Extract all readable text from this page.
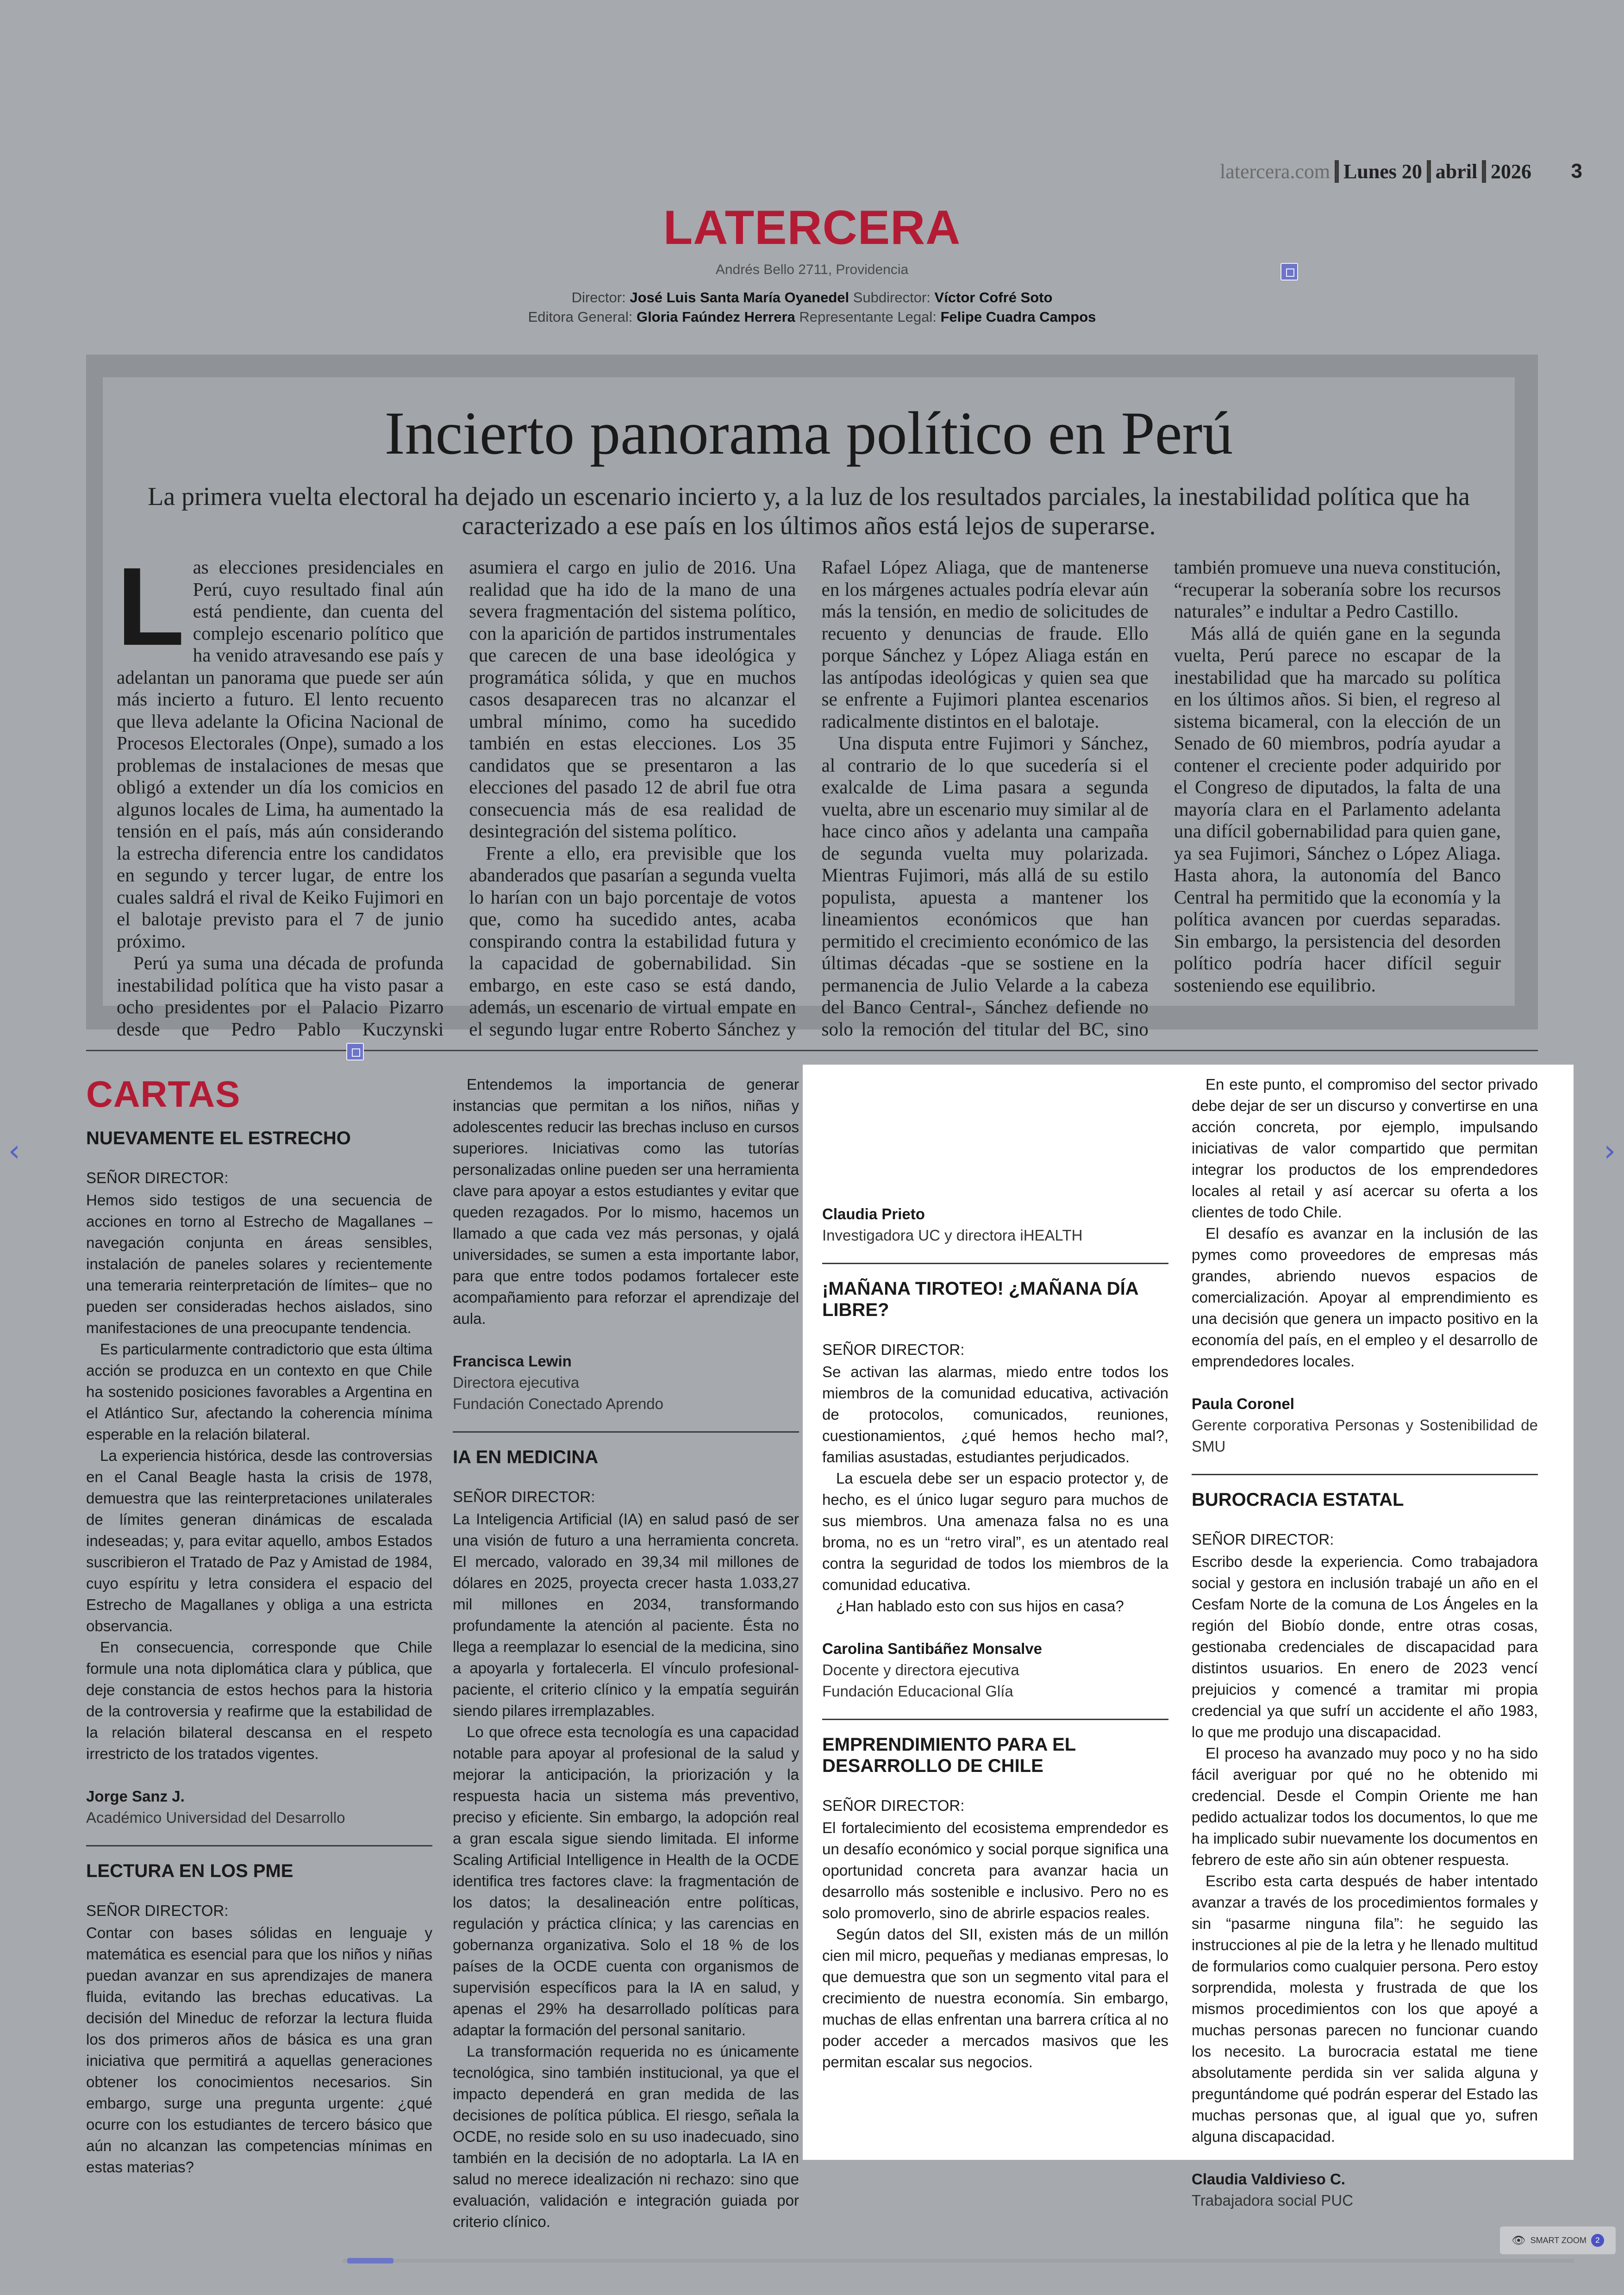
latercera.com | Lunes 20 | abril | 2026 3
LATERCERA
Andrés Bello 2711, Providencia
Director: José Luis Santa María Oyanedel Subdirector: Víctor Cofré Soto
Editora General: Gloria Faúndez Herrera Representante Legal: Felipe Cuadra Campos
Incierto panorama político en Perú
La primera vuelta electoral ha dejado un escenario incierto y, a la luz de los resultados parciales, la inestabilidad política que ha caracterizado a ese país en los últimos años está lejos de superarse.

Las elecciones presidenciales en Perú, cuyo resultado final aún está pendiente, dan cuenta del complejo escenario político que ha venido atravesando ese país y adelantan un panorama que puede ser aún más incierto a futuro. El lento recuento que lleva adelante la Oficina Nacional de Procesos Electorales (Onpe), sumado a los problemas de instalaciones de mesas que obligó a extender un día los comicios en algunos locales de Lima, ha aumentado la tensión en el país, más aún considerando la estrecha diferencia entre los candidatos en segundo y tercer lugar, de entre los cuales saldrá el rival de Keiko Fujimori en el balotaje previsto para el 7 de junio próximo.

Perú ya suma una década de profunda inestabilidad política que ha visto pasar a ocho presidentes por el Palacio Pizarro desde que Pedro Pablo Kuczynski asumiera el cargo en julio de 2016. Una realidad que ha ido de la mano de una severa fragmentación del sistema político, con la aparición de partidos instrumentales que carecen de una base ideológica y programática sólida, y que en muchos casos desaparecen tras no alcanzar el umbral mínimo, como ha sucedido también en estas elecciones. Los 35 candidatos que se presentaron a las elecciones del pasado 12 de abril fue otra consecuencia más de esa realidad de desintegración del sistema político.

Frente a ello, era previsible que los abanderados que pasarían a segunda vuelta lo harían con un bajo porcentaje de votos que, como ha sucedido antes, acaba conspirando contra la estabilidad futura y la capacidad de gobernabilidad. Sin embargo, en este caso se está dando, además, un escenario de virtual empate en el segundo lugar entre Roberto Sánchez y Rafael López Aliaga, que de mantenerse en los márgenes actuales podría elevar aún más la tensión, en medio de solicitudes de recuento y denuncias de fraude. Ello porque Sánchez y López Aliaga están en las antípodas ideológicas y quien sea que se enfrente a Fujimori plantea escenarios radicalmente distintos en el balotaje.

Una disputa entre Fujimori y Sánchez, al contrario de lo que sucedería si el exalcalde de Lima pasara a segunda vuelta, abre un escenario muy similar al de hace cinco años y adelanta una campaña de segunda vuelta muy polarizada. Mientras Fujimori, más allá de su estilo populista, apuesta a mantener los lineamientos económicos que han permitido el crecimiento económico de las últimas décadas -que se sostiene en la permanencia de Julio Velarde a la cabeza del Banco Central-, Sánchez defiende no solo la remoción del titular del BC, sino también promueve una nueva constitución, “recuperar la soberanía sobre los recursos naturales” e indultar a Pedro Castillo.

Más allá de quién gane en la segunda vuelta, Perú parece no escapar de la inestabilidad que ha marcado su política en los últimos años. Si bien, el regreso al sistema bicameral, con la elección de un Senado de 60 miembros, podría ayudar a contener el creciente poder adquirido por el Congreso de diputados, la falta de una mayoría clara en el Parlamento adelanta una difícil gobernabilidad para quien gane, ya sea Fujimori, Sánchez o López Aliaga. Hasta ahora, la autonomía del Banco Central ha permitido que la economía y la política avancen por cuerdas separadas. Sin embargo, la persistencia del desorden político podría hacer difícil seguir sosteniendo ese equilibrio.

CARTAS
NUEVAMENTE EL ESTRECHO

SEÑOR DIRECTOR:

Hemos sido testigos de una secuencia de acciones en torno al Estrecho de Magallanes –navegación conjunta en áreas sensibles, instalación de paneles solares y recientemente una temeraria reinterpretación de límites– que no pueden ser consideradas hechos aislados, sino manifestaciones de una preocupante tendencia.

Es particularmente contradictorio que esta última acción se produzca en un contexto en que Chile ha sostenido posiciones favorables a Argentina en el Atlántico Sur, afectando la coherencia mínima esperable en la relación bilateral.

La experiencia histórica, desde las controversias en el Canal Beagle hasta la crisis de 1978, demuestra que las reinterpretaciones unilaterales de límites generan dinámicas de escalada indeseadas; y, para evitar aquello, ambos Estados suscribieron el Tratado de Paz y Amistad de 1984, cuyo espíritu y letra considera el espacio del Estrecho de Magallanes y obliga a una estricta observancia.

En consecuencia, corresponde que Chile formule una nota diplomática clara y pública, que deje constancia de estos hechos para la historia de la controversia y reafirme que la estabilidad de la relación bilateral descansa en el respeto irrestricto de los tratados vigentes.

Jorge Sanz J.

Académico Universidad del Desarrollo

LECTURA EN LOS PME

SEÑOR DIRECTOR:

Contar con bases sólidas en lenguaje y matemática es esencial para que los niños y niñas puedan avanzar en sus aprendizajes de manera fluida, evitando las brechas educativas. La decisión del Mineduc de reforzar la lectura fluida los dos primeros años de básica es una gran iniciativa que permitirá a aquellas generaciones obtener los conocimientos necesarios. Sin embargo, surge una pregunta urgente: ¿qué ocurre con los estudiantes de tercero básico que aún no alcanzan las competencias mínimas en estas materias?

Entendemos la importancia de generar instancias que permitan a los niños, niñas y adolescentes reducir las brechas incluso en cursos superiores. Iniciativas como las tutorías personalizadas online pueden ser una herramienta clave para apoyar a estos estudiantes y evitar que queden rezagados. Por lo mismo, hacemos un llamado a que cada vez más personas, y ojalá universidades, se sumen a esta importante labor, para que entre todos podamos fortalecer este acompañamiento para reforzar el aprendizaje del aula.

Francisca Lewin

Directora ejecutiva

Fundación Conectado Aprendo

IA EN MEDICINA

SEÑOR DIRECTOR:

La Inteligencia Artificial (IA) en salud pasó de ser una visión de futuro a una herramienta concreta. El mercado, valorado en 39,34 mil millones de dólares en 2025, proyecta crecer hasta 1.033,27 mil millones en 2034, transformando profundamente la atención al paciente. Ésta no llega a reemplazar lo esencial de la medicina, sino a apoyarla y fortalecerla. El vínculo profesional-paciente, el criterio clínico y la empatía seguirán siendo pilares irremplazables.

Lo que ofrece esta tecnología es una capacidad notable para apoyar al profesional de la salud y mejorar la anticipación, la priorización y la respuesta hacia un sistema más preventivo, preciso y eficiente. Sin embargo, la adopción real a gran escala sigue siendo limitada. El informe Scaling Artificial Intelligence in Health de la OCDE identifica tres factores clave: la fragmentación de los datos; la desalineación entre políticas, regulación y práctica clínica; y las carencias en gobernanza organizativa. Solo el 18 % de los países de la OCDE cuenta con organismos de supervisión específicos para la IA en salud, y apenas el 29% ha desarrollado políticas para adaptar la formación del personal sanitario.

La transformación requerida no es únicamente tecnológica, sino también institucional, ya que el impacto dependerá en gran medida de las decisiones de política pública. El riesgo, señala la OCDE, no reside solo en su uso inadecuado, sino también en la decisión de no adoptarla. La IA en salud no merece idealización ni rechazo: sino que evaluación, validación e integración guiada por criterio clínico.

Claudia Prieto

Investigadora UC y directora iHEALTH

¡MAÑANA TIROTEO! ¿MAÑANA DÍA LIBRE?

SEÑOR DIRECTOR:

Se activan las alarmas, miedo entre todos los miembros de la comunidad educativa, activación de protocolos, comunicados, reuniones, cuestionamientos, ¿qué hemos hecho mal?, familias asustadas, estudiantes perjudicados.

La escuela debe ser un espacio protector y, de hecho, es el único lugar seguro para muchos de sus miembros. Una amenaza falsa no es una broma, no es un “retro viral”, es un atentado real contra la seguridad de todos los miembros de la comunidad educativa.

¿Han hablado esto con sus hijos en casa?

Carolina Santibáñez Monsalve

Docente y directora ejecutiva

Fundación Educacional Glía

EMPRENDIMIENTO PARA EL DESARROLLO DE CHILE

SEÑOR DIRECTOR:

El fortalecimiento del ecosistema emprendedor es un desafío económico y social porque significa una oportunidad concreta para avanzar hacia un desarrollo más sostenible e inclusivo. Pero no es solo promoverlo, sino de abrirle espacios reales.

Según datos del SII, existen más de un millón cien mil micro, pequeñas y medianas empresas, lo que demuestra que son un segmento vital para el crecimiento de nuestra economía. Sin embargo, muchas de ellas enfrentan una barrera crítica al no poder acceder a mercados masivos que les permitan escalar sus negocios.

En este punto, el compromiso del sector privado debe dejar de ser un discurso y convertirse en una acción concreta, por ejemplo, impulsando iniciativas de valor compartido que permitan integrar los productos de los emprendedores locales al retail y así acercar su oferta a los clientes de todo Chile.

El desafío es avanzar en la inclusión de las pymes como proveedores de empresas más grandes, abriendo nuevos espacios de comercialización. Apoyar al emprendimiento es una decisión que genera un impacto positivo en la economía del país, en el empleo y el desarrollo de emprendedores locales.

Paula Coronel

Gerente corporativa Personas y Sostenibilidad de SMU

BUROCRACIA ESTATAL

SEÑOR DIRECTOR:

Escribo desde la experiencia. Como trabajadora social y gestora en inclusión trabajé un año en el Cesfam Norte de la comuna de Los Ángeles en la región del Biobío donde, entre otras cosas, gestionaba credenciales de discapacidad para distintos usuarios. En enero de 2023 vencí prejuicios y comencé a tramitar mi propia credencial ya que sufrí un accidente el año 1983, lo que me produjo una discapacidad.

El proceso ha avanzado muy poco y no ha sido fácil averiguar por qué no he obtenido mi credencial. Desde el Compin Oriente me han pedido actualizar todos los documentos, lo que me ha implicado subir nuevamente los documentos en febrero de este año sin aún obtener respuesta.

Escribo esta carta después de haber intentado avanzar a través de los procedimientos formales y sin “pasarme ninguna fila”: he seguido las instrucciones al pie de la letra y he llenado multitud de formularios como cualquier persona. Pero estoy sorprendida, molesta y frustrada de que los mismos procedimientos con los que apoyé a muchas personas parecen no funcionar cuando los necesito. La burocracia estatal me tiene absolutamente perdida sin ver salida alguna y preguntándome qué podrán esperar del Estado las muchas personas que, al igual que yo, sufren alguna discapacidad.

Claudia Valdivieso C.

Trabajadora social PUC

‹	›
👁 SMART ZOOM	2
